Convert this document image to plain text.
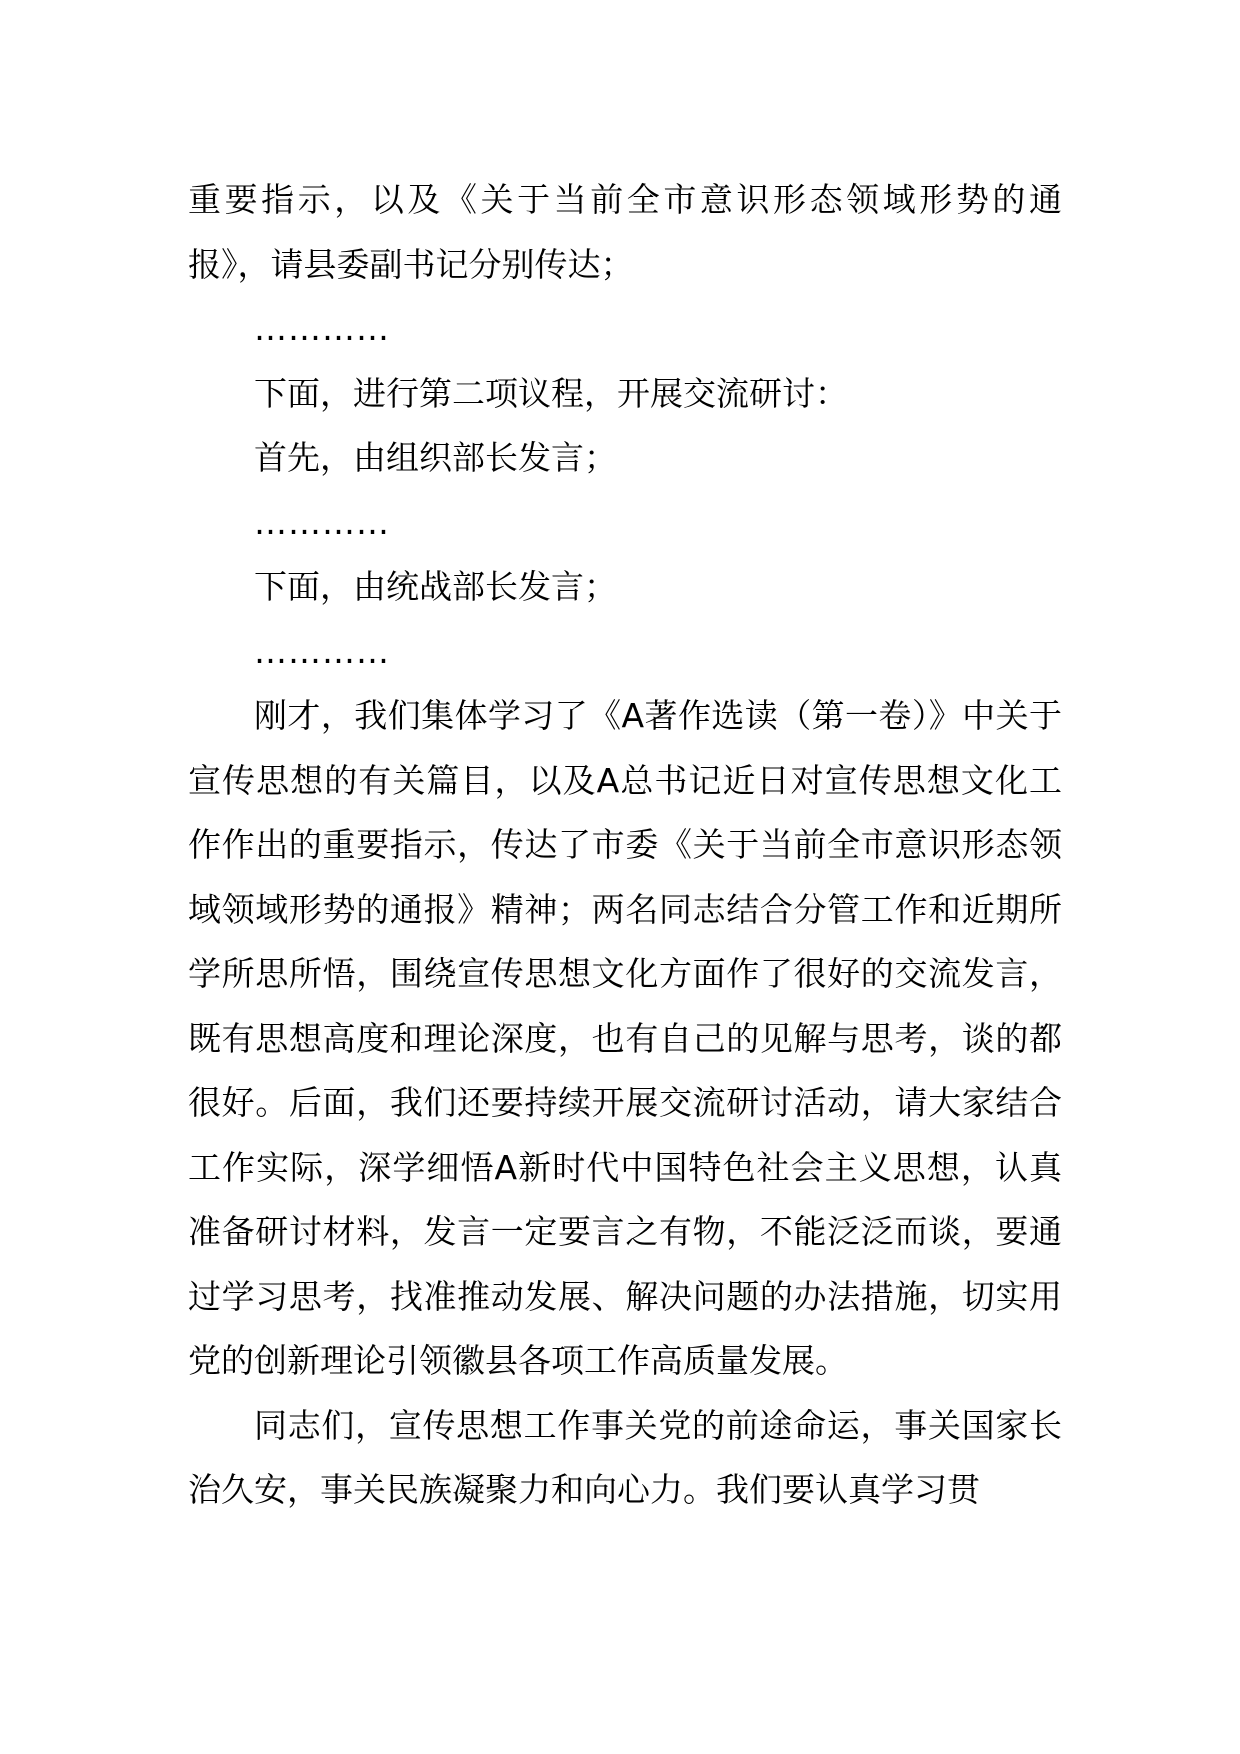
重要指示，以及《关于当前全市意识形态领域形势的通报》，请县委副书记分别传达；

…………

下面，进行第二项议程，开展交流研讨：

首先，由组织部长发言；

…………

下面，由统战部长发言；

…………

刚才，我们集体学习了《A著作选读（第一卷）》中关于宣传思想的有关篇目，以及A总书记近日对宣传思想文化工作作出的重要指示，传达了市委《关于当前全市意识形态领域领域形势的通报》精神；两名同志结合分管工作和近期所学所思所悟，围绕宣传思想文化方面作了很好的交流发言，既有思想高度和理论深度，也有自己的见解与思考，谈的都很好。后面，我们还要持续开展交流研讨活动，请大家结合工作实际，深学细悟A新时代中国特色社会主义思想，认真准备研讨材料，发言一定要言之有物，不能泛泛而谈，要通过学习思考，找准推动发展、解决问题的办法措施，切实用党的创新理论引领徽县各项工作高质量发展。

同志们，宣传思想工作事关党的前途命运，事关国家长治久安，事关民族凝聚力和向心力。我们要认真学习贯
